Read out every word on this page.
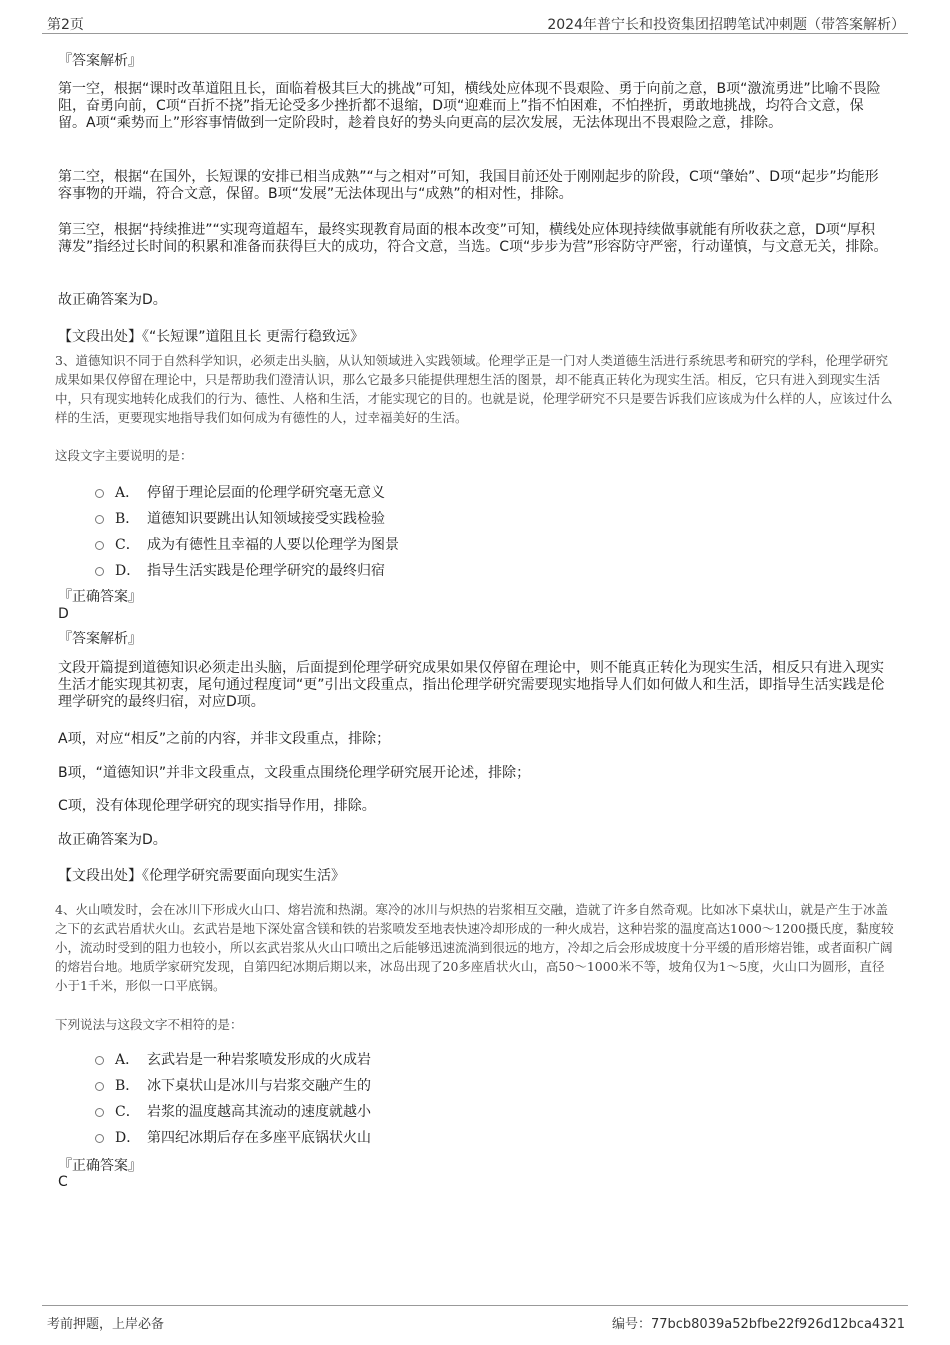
第2页	2024年普宁长和投资集团招聘笔试冲刺题（带答案解析）
『答案解析』
第一空，根据“课时改革道阻且长，面临着极其巨大的挑战”可知，横线处应体现不畏艰险、勇于向前之意，B项“激流勇进”比喻不畏险阻，奋勇向前，C项“百折不挠”指无论受多少挫折都不退缩，D项“迎难而上”指不怕困难，不怕挫折，勇敢地挑战，均符合文意，保留。A项“乘势而上”形容事情做到一定阶段时，趁着良好的势头向更高的层次发展，无法体现出不畏艰险之意，排除。
第二空，根据“在国外，长短课的安排已相当成熟”“与之相对”可知，我国目前还处于刚刚起步的阶段，C项“肇始”、D项“起步”均能形容事物的开端，符合文意，保留。B项“发展”无法体现出与“成熟”的相对性，排除。
第三空，根据“持续推进”“实现弯道超车，最终实现教育局面的根本改变”可知，横线处应体现持续做事就能有所收获之意，D项“厚积薄发”指经过长时间的积累和准备而获得巨大的成功，符合文意，当选。C项“步步为营”形容防守严密，行动谨慎，与文意无关，排除。
故正确答案为D。
【文段出处】《“长短课”道阻且长 更需行稳致远》
3、道德知识不同于自然科学知识，必须走出头脑，从认知领域进入实践领域。伦理学正是一门对人类道德生活进行系统思考和研究的学科，伦理学研究成果如果仅停留在理论中，只是帮助我们澄清认识，那么它最多只能提供理想生活的图景，却不能真正转化为现实生活。相反，它只有进入到现实生活中，只有现实地转化成我们的行为、德性、人格和生活，才能实现它的目的。也就是说，伦理学研究不只是要告诉我们应该成为什么样的人，应该过什么样的生活，更要现实地指导我们如何成为有德性的人，过幸福美好的生活。
这段文字主要说明的是：
A． 停留于理论层面的伦理学研究毫无意义
B． 道德知识要跳出认知领域接受实践检验
C． 成为有德性且幸福的人要以伦理学为图景
D． 指导生活实践是伦理学研究的最终归宿
『正确答案』
D
『答案解析』
文段开篇提到道德知识必须走出头脑，后面提到伦理学研究成果如果仅停留在理论中，则不能真正转化为现实生活，相反只有进入现实生活才能实现其初衷，尾句通过程度词“更”引出文段重点，指出伦理学研究需要现实地指导人们如何做人和生活，即指导生活实践是伦理学研究的最终归宿，对应D项。
A项，对应“相反”之前的内容，并非文段重点，排除；
B项，“道德知识”并非文段重点，文段重点围绕伦理学研究展开论述，排除；
C项，没有体现伦理学研究的现实指导作用，排除。
故正确答案为D。
【文段出处】《伦理学研究需要面向现实生活》
4、火山喷发时，会在冰川下形成火山口、熔岩流和热湖。寒冷的冰川与炽热的岩浆相互交融，造就了许多自然奇观。比如冰下桌状山，就是产生于冰盖之下的玄武岩盾状火山。玄武岩是地下深处富含镁和铁的岩浆喷发至地表快速冷却形成的一种火成岩，这种岩浆的温度高达1000～1200摄氏度，黏度较小，流动时受到的阻力也较小，所以玄武岩浆从火山口喷出之后能够迅速流淌到很远的地方，冷却之后会形成坡度十分平缓的盾形熔岩锥，或者面积广阔的熔岩台地。地质学家研究发现，自第四纪冰期后期以来，冰岛出现了20多座盾状火山，高50～1000米不等，坡角仅为1～5度，火山口为圆形，直径小于1千米，形似一口平底锅。
下列说法与这段文字不相符的是：
A． 玄武岩是一种岩浆喷发形成的火成岩
B． 冰下桌状山是冰川与岩浆交融产生的
C． 岩浆的温度越高其流动的速度就越小
D． 第四纪冰期后存在多座平底锅状火山
『正确答案』
C
考前押题，上岸必备	编号：77bcb8039a52bfbe22f926d12bca4321
